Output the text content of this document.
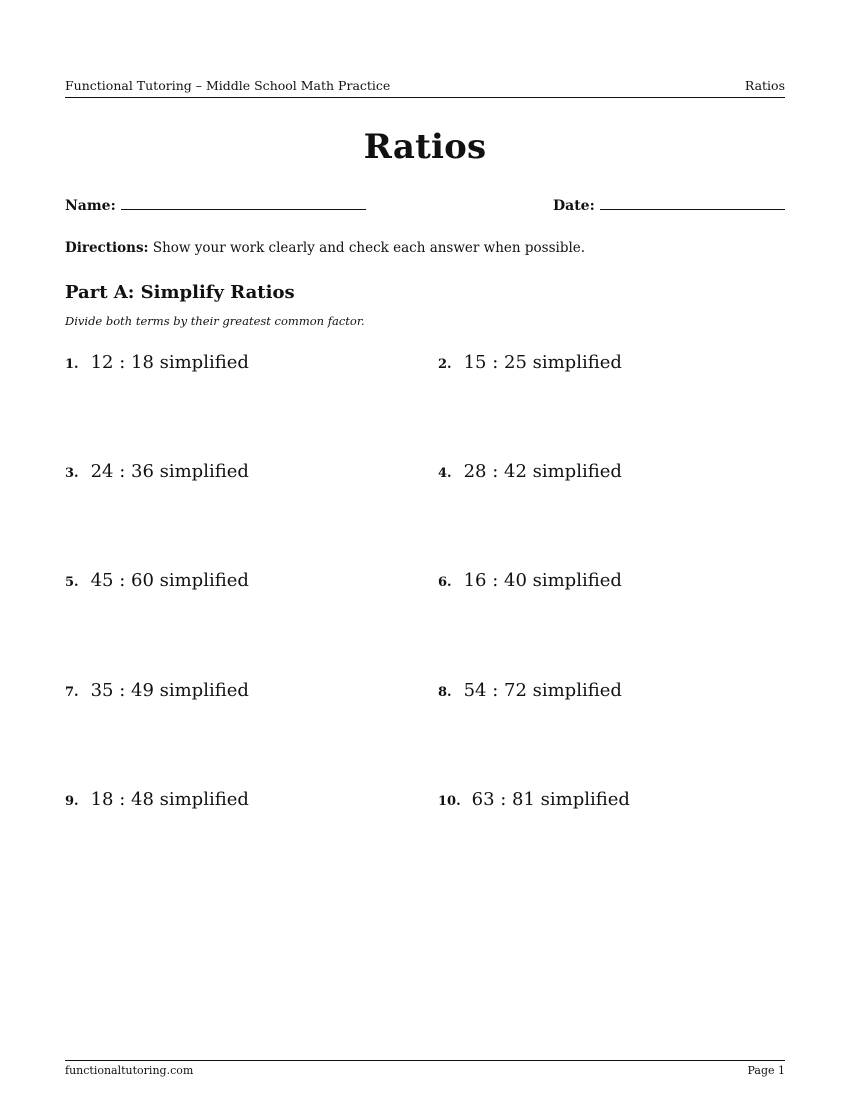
Functional Tutoring – Middle School Math Practice	Ratios
Ratios
Name:	Date:
Directions: Show your work clearly and check each answer when possible.
Part A: Simplify Ratios
Divide both terms by their greatest common factor.
1. 12 : 18 simplified	2. 15 : 25 simplified
3. 24 : 36 simplified	4. 28 : 42 simplified
5. 45 : 60 simplified	6. 16 : 40 simplified
7. 35 : 49 simplified	8. 54 : 72 simplified
9. 18 : 48 simplified	10. 63 : 81 simplified
functionaltutoring.com	Page 1
